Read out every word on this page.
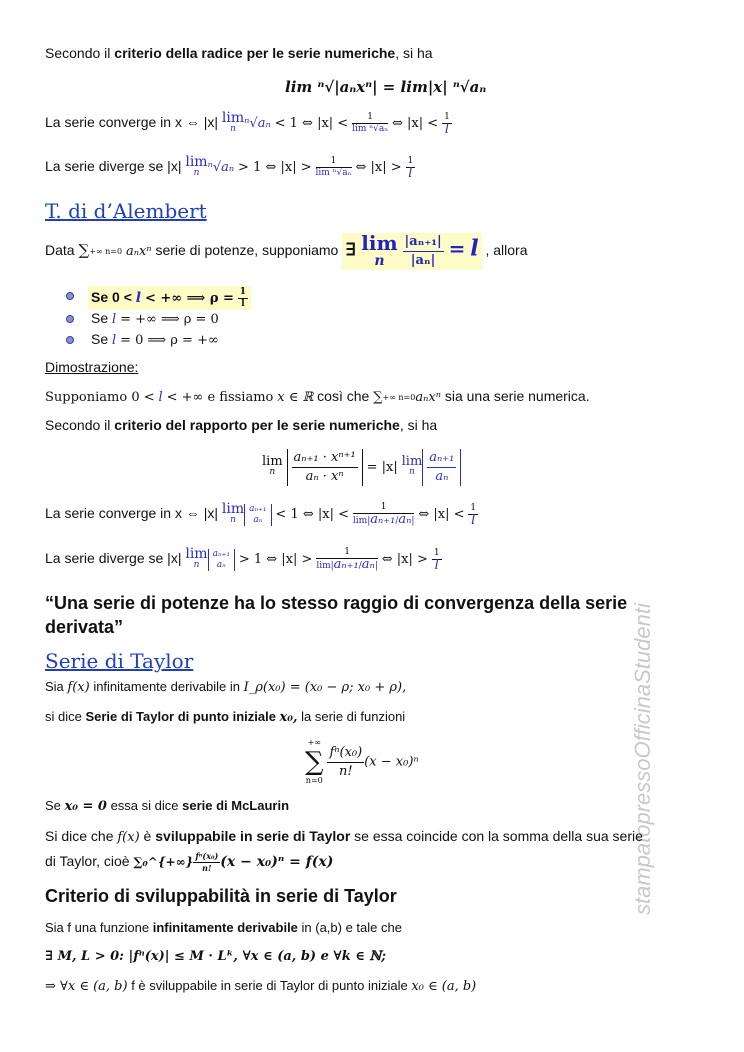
stampatopressoOfficinaStudenti
Secondo il criterio della radice per le serie numeriche, si ha
lim ⁿ√|aₙxⁿ| = lim|x| ⁿ√aₙ
La serie converge in x ⇔ |x| lim
n ⁿ√aₙ < 1 ⇔ $|x| < \frac{1}{\text{lim ⁿ√aₙ}}$ ⇔ $|x| < \frac{1}{l}$
La serie diverge se |x| lim
n ⁿ√aₙ > 1 ⇔ $|x| > \frac{1}{\text{lim ⁿ√aₙ}}$ ⇔ $|x| > \frac{1}{l}$
T. di d’Alembert
Data ∑+∞ n=0 aₙxⁿ serie di potenze, supponiamo ∃ lim
n
	$\frac{\text{|aₙ₊₁|}}{\text{|aₙ|}} = l$ , allora
Se 0 < l < +∞ ⟹ $\rho = \frac{1}{l}$
Se l = +∞ ⟹ ρ = 0
Se l = 0 ⟹ ρ = +∞
Dimostrazione:
Supponiamo 0 < l < +∞ e fissiamo x ∈ ℝ così che ∑+∞ n=0aₙxⁿ sia una serie numerica.
Secondo il criterio del rapporto per le serie numeriche, si ha
lim
n
	$\frac{\text{aₙ₊₁ · xⁿ⁺¹}}{\text{aₙ · xⁿ}} = |x|$ lim
n $\frac{\text{aₙ₊₁}}{\text{aₙ}}$
La serie converge in x ⇔ |x| lim
n
aₙ₊₁
aₙ	< 1 ⇔ $|x| < \frac{1}{\text{lim|aₙ₊₁/aₙ|}}$ ⇔ $|x| < \frac{1}{l}$
La serie diverge se |x| lim
n
aₙ₊₁
aₙ	> 1 ⇔ $|x| > \frac{1}{\text{lim|aₙ₊₁/aₙ|}}$ ⇔ $|x| > \frac{1}{l}$
“Una serie di potenze ha lo stesso raggio di convergenza della serie
derivata”
Serie di Taylor
Sia f(x) infinitamente derivabile in I_ρ(x₀) = (x₀ − ρ; x₀ + ρ),
si dice Serie di Taylor di punto iniziale x₀, la serie di funzioni
+∞
∑
n=0
$\frac{\text{fⁿ(x₀)}}{n!} (x - x_0)^n$
Se x₀ = 0 essa si dice serie di McLaurin
Si dice che f(x) è sviluppabile in serie di Taylor se essa coincide con la somma della sua serie
di Taylor, cioè ∑₀^{+∞} $\frac{\text{fⁿ(x₀)}}{n!} (x - x_0)^n = f(x)$
Criterio di sviluppabilità in serie di Taylor
Sia f una funzione infinitamente derivabile in (a,b) e tale che
∃ M, L > 0: |fⁿ(x)| ≤ M · Lᵏ, ∀x ∈ (a, b) e ∀k ∈ ℕ;
⇒ ∀x ∈ (a, b) f è sviluppabile in serie di Taylor di punto iniziale x₀ ∈ (a, b)
